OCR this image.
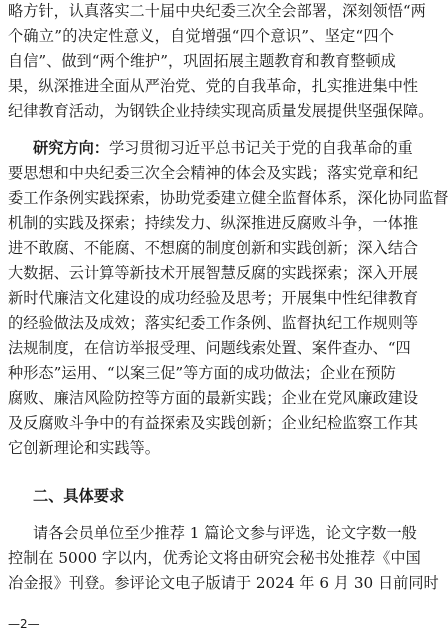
略方针，认真落实二十届中央纪委三次全会部署，深刻领悟“两
个确立”的决定性意义，自觉增强“四个意识”、坚定“四个
自信”、做到“两个维护”，巩固拓展主题教育和教育整顿成
果，纵深推进全面从严治党、党的自我革命，扎实推进集中性
纪律教育活动，为钢铁企业持续实现高质量发展提供坚强保障。
研究方向：学习贯彻习近平总书记关于党的自我革命的重
要思想和中央纪委三次全会精神的体会及实践；落实党章和纪
委工作条例实践探索，协助党委建立健全监督体系，深化协同监督
机制的实践及探索；持续发力、纵深推进反腐败斗争，一体推
进不敢腐、不能腐、不想腐的制度创新和实践创新；深入结合
大数据、云计算等新技术开展智慧反腐的实践探索；深入开展
新时代廉洁文化建设的成功经验及思考；开展集中性纪律教育
的经验做法及成效；落实纪委工作条例、监督执纪工作规则等
法规制度，在信访举报受理、问题线索处置、案件查办、“四
种形态”运用、“以案三促”等方面的成功做法；企业在预防
腐败、廉洁风险防控等方面的最新实践；企业在党风廉政建设
及反腐败斗争中的有益探索及实践创新；企业纪检监察工作其
它创新理论和实践等。
二、具体要求
请各会员单位至少推荐 1 篇论文参与评选，论文字数一般
控制在 5000 字以内，优秀论文将由研究会秘书处推荐《中国
冶金报》刊登。参评论文电子版请于 2024 年 6 月 30 日前同时
—2—
